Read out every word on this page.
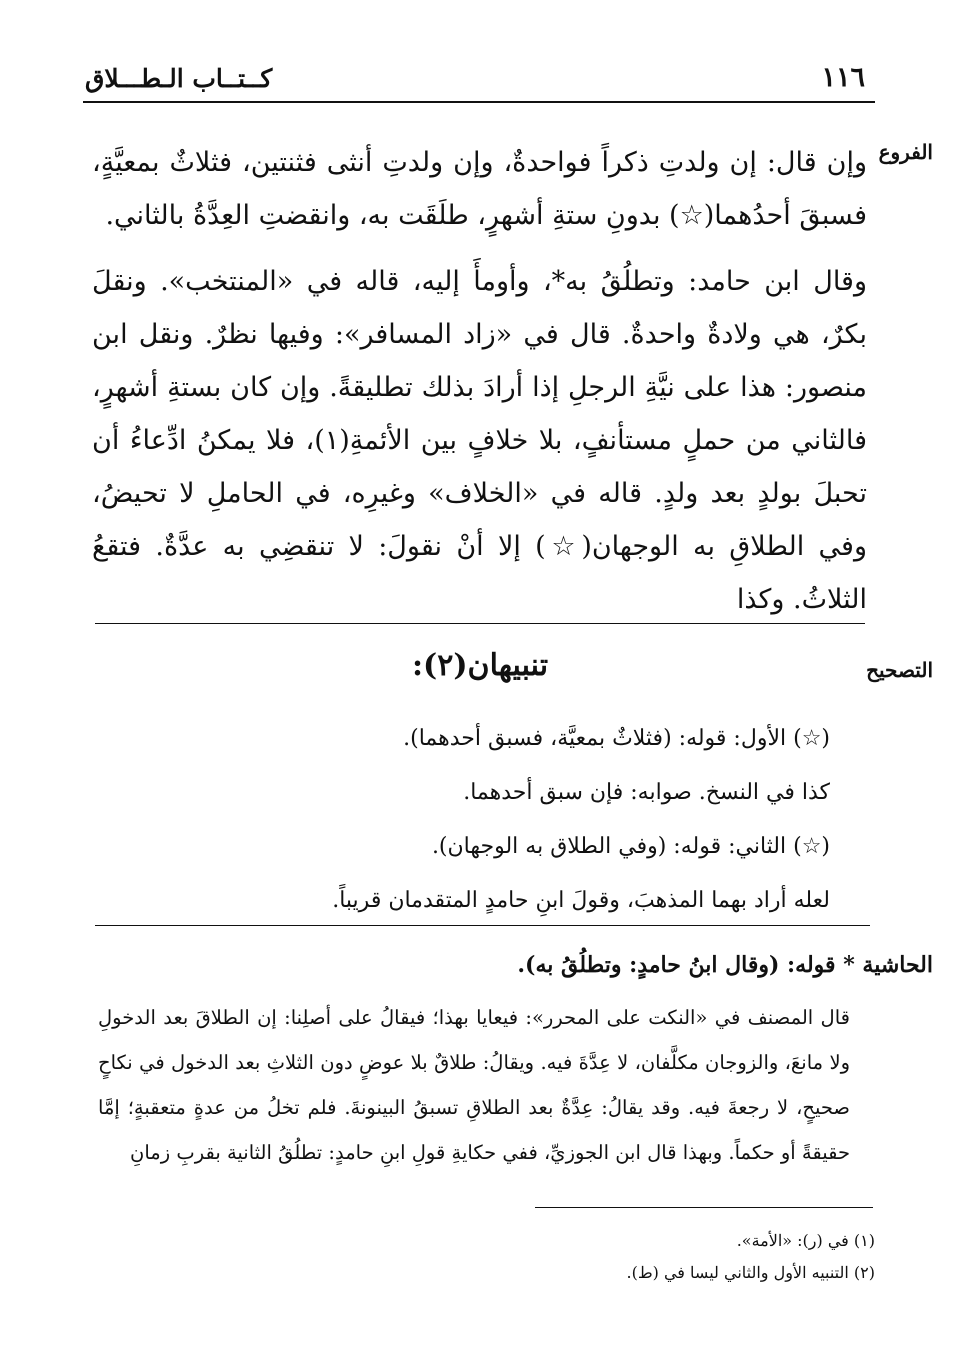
كــتــاب الـطـــلاق	١١٦
الفروع

وإن قال: إن ولدتِ ذكراً فواحدةٌ، وإن ولدتِ أنثى فثنتين، فثلاثٌ بمعيَّةٍ، فسبقَ أحدُهما(☆) بدونِ ستةِ أشهرٍ، طلَقَت به، وانقضتِ العِدَّةُ بالثاني.

وقال ابن حامد: وتطلُقُ به*، وأومأَ إليه، قاله في «المنتخب». ونقلَ بكرٌ، هي ولادةٌ واحدةٌ. قال في «زاد المسافر»: وفيها نظرٌ. ونقل ابن منصور: هذا على نيَّةِ الرجلِ إذا أرادَ بذلك تطليقةً. وإن كان بستةِ أشهرٍ، فالثاني من حملٍ مستأنفٍ، بلا خلافٍ بين الأئمةِ(١)، فلا يمكنُ ادِّعاءُ أن تحبلَ بولدٍ بعد ولدٍ. قاله في «الخلاف» وغيرِه، في الحاملِ لا تحيضُ، وفي الطلاقِ به الوجهان(☆) إلا أنْ نقولَ: لا تنقضِي به عدَّةٌ. فتقعُ الثلاثُ. وكذا

التصحيح
تنبيهان(٢):

(☆) الأول: قوله: (فثلاثٌ بمعيَّة، فسبق أحدهما).

كذا في النسخ. صوابه: فإن سبق أحدهما.

(☆) الثاني: قوله: (وفي الطلاق به الوجهان).

لعله أراد بهما المذهبَ، وقولَ ابنِ حامدٍ المتقدمان قريباً.

الحاشية * قوله: (وقال ابنُ حامدٍ: وتطلُقُ به).

قال المصنف في «النكت على المحرر»: فيعايا بهذا؛ فيقالُ على أصلِنا: إن الطلاقَ بعد الدخولِ ولا مانعَ، والزوجان مكلَّفان، لا عِدَّةَ فيه. ويقالُ: طلاقٌ بلا عوضٍ دون الثلاثِ بعد الدخول في نكاحٍ صحيحٍ، لا رجعةَ فيه. وقد يقالُ: عِدَّةٌ بعد الطلاقِ تسبقُ البينونةَ. فلم تخلُ من عدةٍ متعقبةٍ؛ إمَّا حقيقةً أو حكماً. وبهذا قال ابن الجوزيِّ، ففي حكايةِ قولِ ابنِ حامدٍ: تطلُقُ الثانية بقربِ زمانِ

(١) في (ر): «الأمة».

(٢) التنبيه الأول والثاني ليسا في (ط).
